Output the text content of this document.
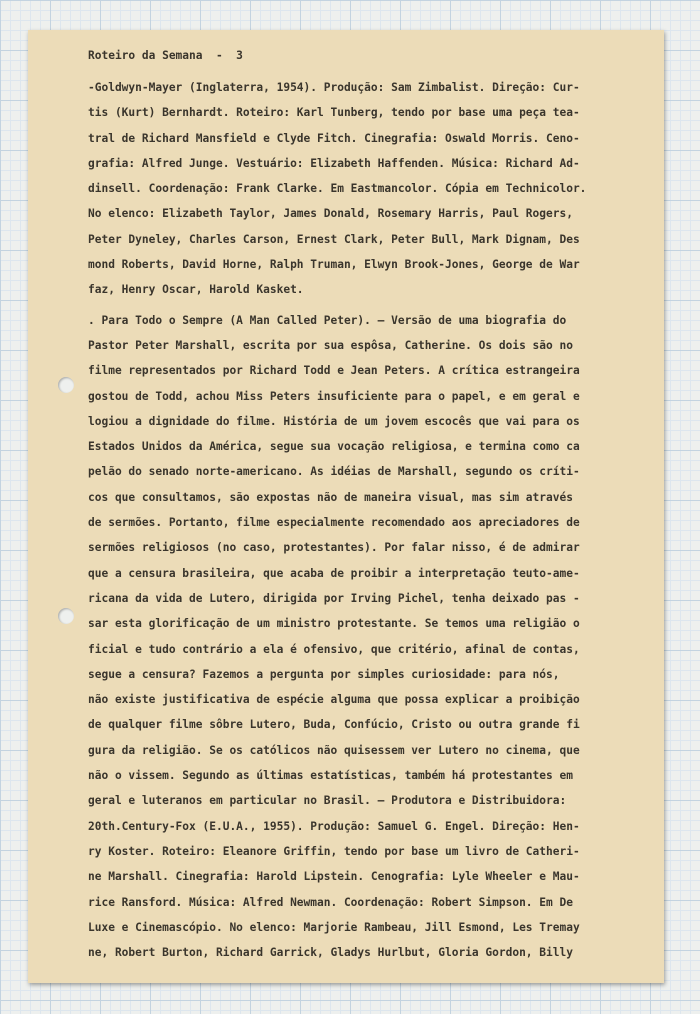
Roteiro da Semana  -  3
-Goldwyn-Mayer (Inglaterra, 1954). Produção: Sam Zimbalist. Direção: Cur-
tis (Kurt) Bernhardt. Roteiro: Karl Tunberg, tendo por base uma peça tea-
tral de Richard Mansfield e Clyde Fitch. Cinegrafia: Oswald Morris. Ceno-
grafia: Alfred Junge. Vestuário: Elizabeth Haffenden. Música: Richard Ad-
dinsell. Coordenação: Frank Clarke. Em Eastmancolor. Cópia em Technicolor.
No elenco: Elizabeth Taylor, James Donald, Rosemary Harris, Paul Rogers,
Peter Dyneley, Charles Carson, Ernest Clark, Peter Bull, Mark Dignam, Des
mond Roberts, David Horne, Ralph Truman, Elwyn Brook-Jones, George de War
faz, Henry Oscar, Harold Kasket.
. Para Todo o Sempre (A Man Called Peter). — Versão de uma biografia do
Pastor Peter Marshall, escrita por sua espôsa, Catherine. Os dois são no
filme representados por Richard Todd e Jean Peters. A crítica estrangeira
gostou de Todd, achou Miss Peters insuficiente para o papel, e em geral e
logiou a dignidade do filme. História de um jovem escocês que vai para os
Estados Unidos da América, segue sua vocação religiosa, e termina como ca
pelão do senado norte-americano. As idéias de Marshall, segundo os críti-
cos que consultamos, são expostas não de maneira visual, mas sim através
de sermões. Portanto, filme especialmente recomendado aos apreciadores de
sermões religiosos (no caso, protestantes). Por falar nisso, é de admirar
que a censura brasileira, que acaba de proibir a interpretação teuto-ame-
ricana da vida de Lutero, dirigida por Irving Pichel, tenha deixado pas -
sar esta glorificação de um ministro protestante. Se temos uma religião o
ficial e tudo contrário a ela é ofensivo, que critério, afinal de contas,
segue a censura? Fazemos a pergunta por simples curiosidade: para nós,
não existe justificativa de espécie alguma que possa explicar a proibição
de qualquer filme sôbre Lutero, Buda, Confúcio, Cristo ou outra grande fi
gura da religião. Se os católicos não quisessem ver Lutero no cinema, que
não o vissem. Segundo as últimas estatísticas, também há protestantes em
geral e luteranos em particular no Brasil. — Produtora e Distribuidora:
20th.Century-Fox (E.U.A., 1955). Produção: Samuel G. Engel. Direção: Hen-
ry Koster. Roteiro: Eleanore Griffin, tendo por base um livro de Catheri-
ne Marshall. Cinegrafia: Harold Lipstein. Cenografia: Lyle Wheeler e Mau-
rice Ransford. Música: Alfred Newman. Coordenação: Robert Simpson. Em De
Luxe e Cinemascópio. No elenco: Marjorie Rambeau, Jill Esmond, Les Tremay
ne, Robert Burton, Richard Garrick, Gladys Hurlbut, Gloria Gordon, Billy
